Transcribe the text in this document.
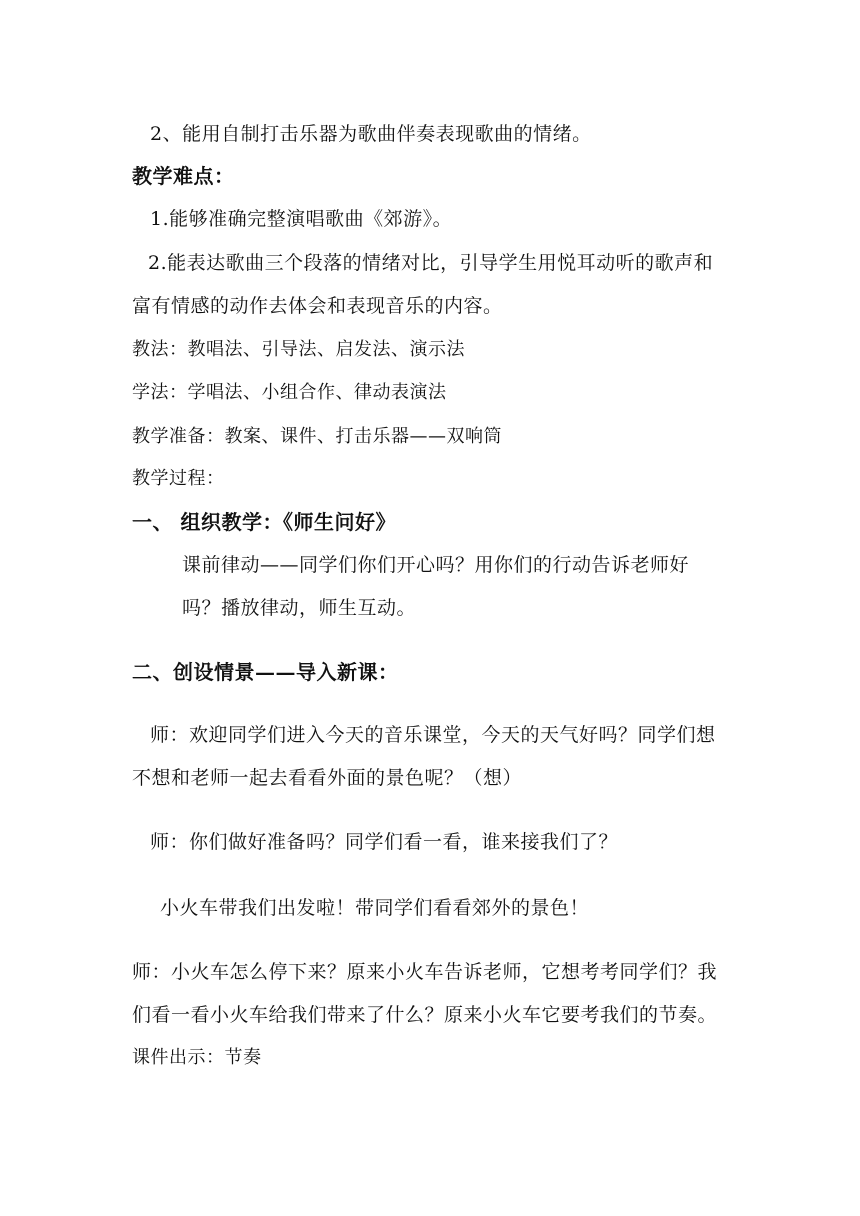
2、能用自制打击乐器为歌曲伴奏表现歌曲的情绪。
教学难点：
1.能够准确完整演唱歌曲《郊游》。
2.能表达歌曲三个段落的情绪对比，引导学生用悦耳动听的歌声和
富有情感的动作去体会和表现音乐的内容。
教法：教唱法、引导法、启发法、演示法
学法：学唱法、小组合作、律动表演法
教学准备：教案、课件、打击乐器——双响筒
教学过程：
一、 组织教学：《师生问好》
课前律动——同学们你们开心吗？用你们的行动告诉老师好
吗？播放律动，师生互动。
二、创设情景——导入新课：
师：欢迎同学们进入今天的音乐课堂，今天的天气好吗？同学们想
不想和老师一起去看看外面的景色呢？（想）
师：你们做好准备吗？同学们看一看，谁来接我们了？
小火车带我们出发啦！带同学们看看郊外的景色！
师：小火车怎么停下来？原来小火车告诉老师，它想考考同学们？我
们看一看小火车给我们带来了什么？原来小火车它要考我们的节奏。
课件出示：节奏
